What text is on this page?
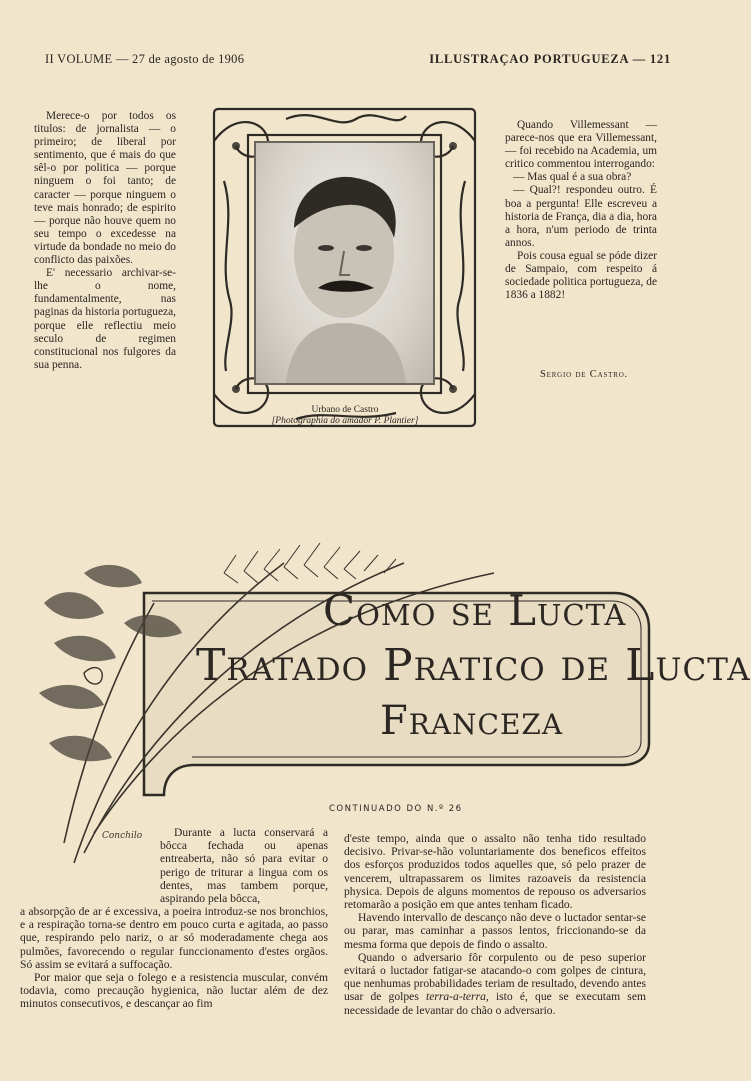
II VOLUME — 27 de agosto de 1906	ILLUSTRAÇAO PORTUGUEZA — 121

Merece-o por todos os titulos: de jornalista — o primeiro; de liberal por sentimento, que é mais do que sêl-o por politica — porque ninguem o foi tanto; de caracter — porque ninguem o teve mais honrado; de espirito — porque não houve quem no seu tempo o excedesse na virtude da bondade no meio do conflicto das paixões.

E' necessario archivar-se-lhe o nome, fundamentalmente, nas paginas da historia portugueza, porque elle reflectiu meio seculo de regimen constitucional nos fulgores da sua penna.

Urbano de Castro
[Photographia do amador P. Plantier]

Quando Villemessant — parece-nos que era Villemessant, — foi recebido na Academia, um critico commentou interrogando:

— Mas qual é a sua obra?

— Qual?! respondeu outro. É boa a pergunta! Elle escreveu a historia de França, dia a dia, hora a hora, n'um periodo de trinta annos.

Pois cousa egual se póde dizer de Sampaio, com respeito á sociedade politica portugueza, de 1836 a 1882!

Sergio de Castro.
Conchilo
Como se Lucta
Tratado Pratico de Lucta
Franceza
CONTINUADO DO N.º 26

Durante a lucta conservará a bôcca fechada ou apenas entreaberta, não só para evitar o perigo de triturar a lingua com os dentes, mas tambem porque, aspirando pela bôcca,

a absorpção de ar é excessiva, a poeira introduz-se nos bronchios, e a respiração torna-se dentro em pouco curta e agitada, ao passo que, respirando pelo nariz, o ar só moderadamente chega aos pulmões, favorecendo o regular funccionamento d'estes orgãos. Só assim se evitará a suffocação.

Por maior que seja o folego e a resistencia muscular, convém todavia, como precaução hygienica, não luctar além de dez minutos consecutivos, e descançar ao fim

d'este tempo, ainda que o assalto não tenha tido resultado decisivo. Privar-se-hão voluntariamente dos beneficos effeitos dos esforços produzidos todos aquelles que, só pelo prazer de vencerem, ultrapassarem os limites razoaveis da resistencia physica. Depois de alguns momentos de repouso os adversarios retomarão a posição em que antes tenham ficado.

Havendo intervallo de descanço não deve o luctador sentar-se ou parar, mas caminhar a passos lentos, friccionando-se da mesma forma que depois de findo o assalto.

Quando o adversario fôr corpulento ou de peso superior evitará o luctador fatigar-se atacando-o com golpes de cintura, que nenhumas probabilidades teriam de resultado, devendo antes usar de golpes terra-a-terra, isto é, que se executam sem necessidade de levantar do chão o adversario.
